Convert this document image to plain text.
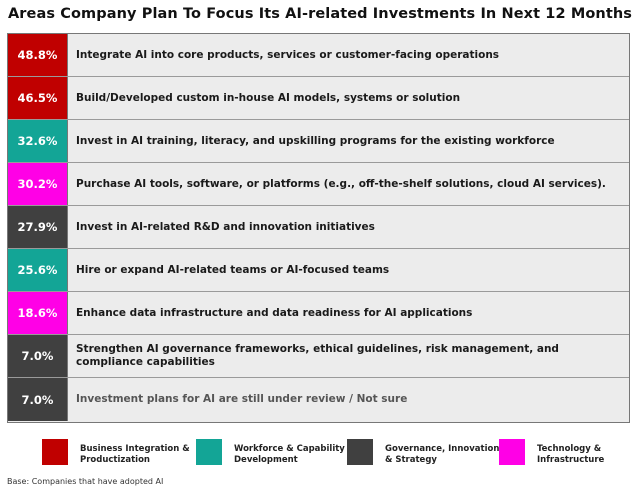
Areas Company Plan To Focus Its AI-related Investments In Next 12 Months
48.8%	Integrate AI into core products, services or customer-facing operations
46.5%	Build/Developed custom in-house AI models, systems or solution
32.6%	Invest in AI training, literacy, and upskilling programs for the existing workforce
30.2%	Purchase AI tools, software, or platforms (e.g., off-the-shelf solutions, cloud AI services).
27.9%	Invest in AI-related R&D and innovation initiatives
25.6%	Hire or expand AI-related teams or AI-focused teams
18.6%	Enhance data infrastructure and data readiness for AI applications
7.0%	Strengthen AI governance frameworks, ethical guidelines, risk management, and compliance capabilities
7.0%	Investment plans for AI are still under review / Not sure
Business Integration & Productization
Workforce & Capability Development
Governance, Innovation & Strategy
Technology & Infrastructure
Base: Companies that have adopted AI
